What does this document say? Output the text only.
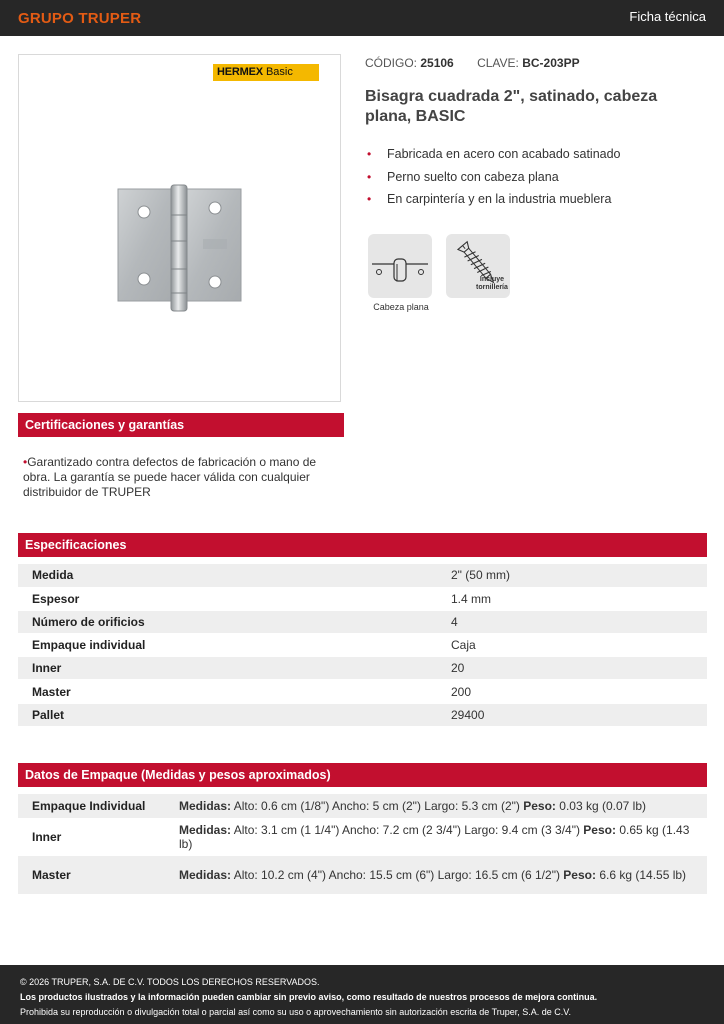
GRUPO TRUPER	Ficha técnica
HERMEX Basic
CÓDIGO: 25106 CLAVE: BC-203PP
Bisagra cuadrada 2", satinado, cabeza plana, BASIC
• Fabricada en acero con acabado satinado
• Perno suelto con cabeza plana
• En carpintería y en la industria mueblera
Cabeza plana
Incluye
tornillería
Certificaciones y garantías
•Garantizado contra defectos de fabricación o mano de obra. La garantía se puede hacer válida con cualquier distribuidor de TRUPER
Especificaciones
Medida	2" (50 mm)
Espesor	1.4 mm
Número de orificios	4
Empaque individual	Caja
Inner	20
Master	200
Pallet	29400
Datos de Empaque (Medidas y pesos aproximados)
Empaque Individual	Medidas: Alto: 0.6 cm (1/8") Ancho: 5 cm (2") Largo: 5.3 cm (2") Peso: 0.03 kg (0.07 lb)
Inner	Medidas: Alto: 3.1 cm (1 1/4") Ancho: 7.2 cm (2 3/4") Largo: 9.4 cm (3 3/4") Peso: 0.65 kg (1.43 lb)
Master	Medidas: Alto: 10.2 cm (4") Ancho: 15.5 cm (6") Largo: 16.5 cm (6 1/2") Peso: 6.6 kg (14.55 lb)
© 2026 TRUPER, S.A. DE C.V. TODOS LOS DERECHOS RESERVADOS.
Los productos ilustrados y la información pueden cambiar sin previo aviso, como resultado de nuestros procesos de mejora continua.
Prohibida su reproducción o divulgación total o parcial así como su uso o aprovechamiento sin autorización escrita de Truper, S.A. de C.V.
